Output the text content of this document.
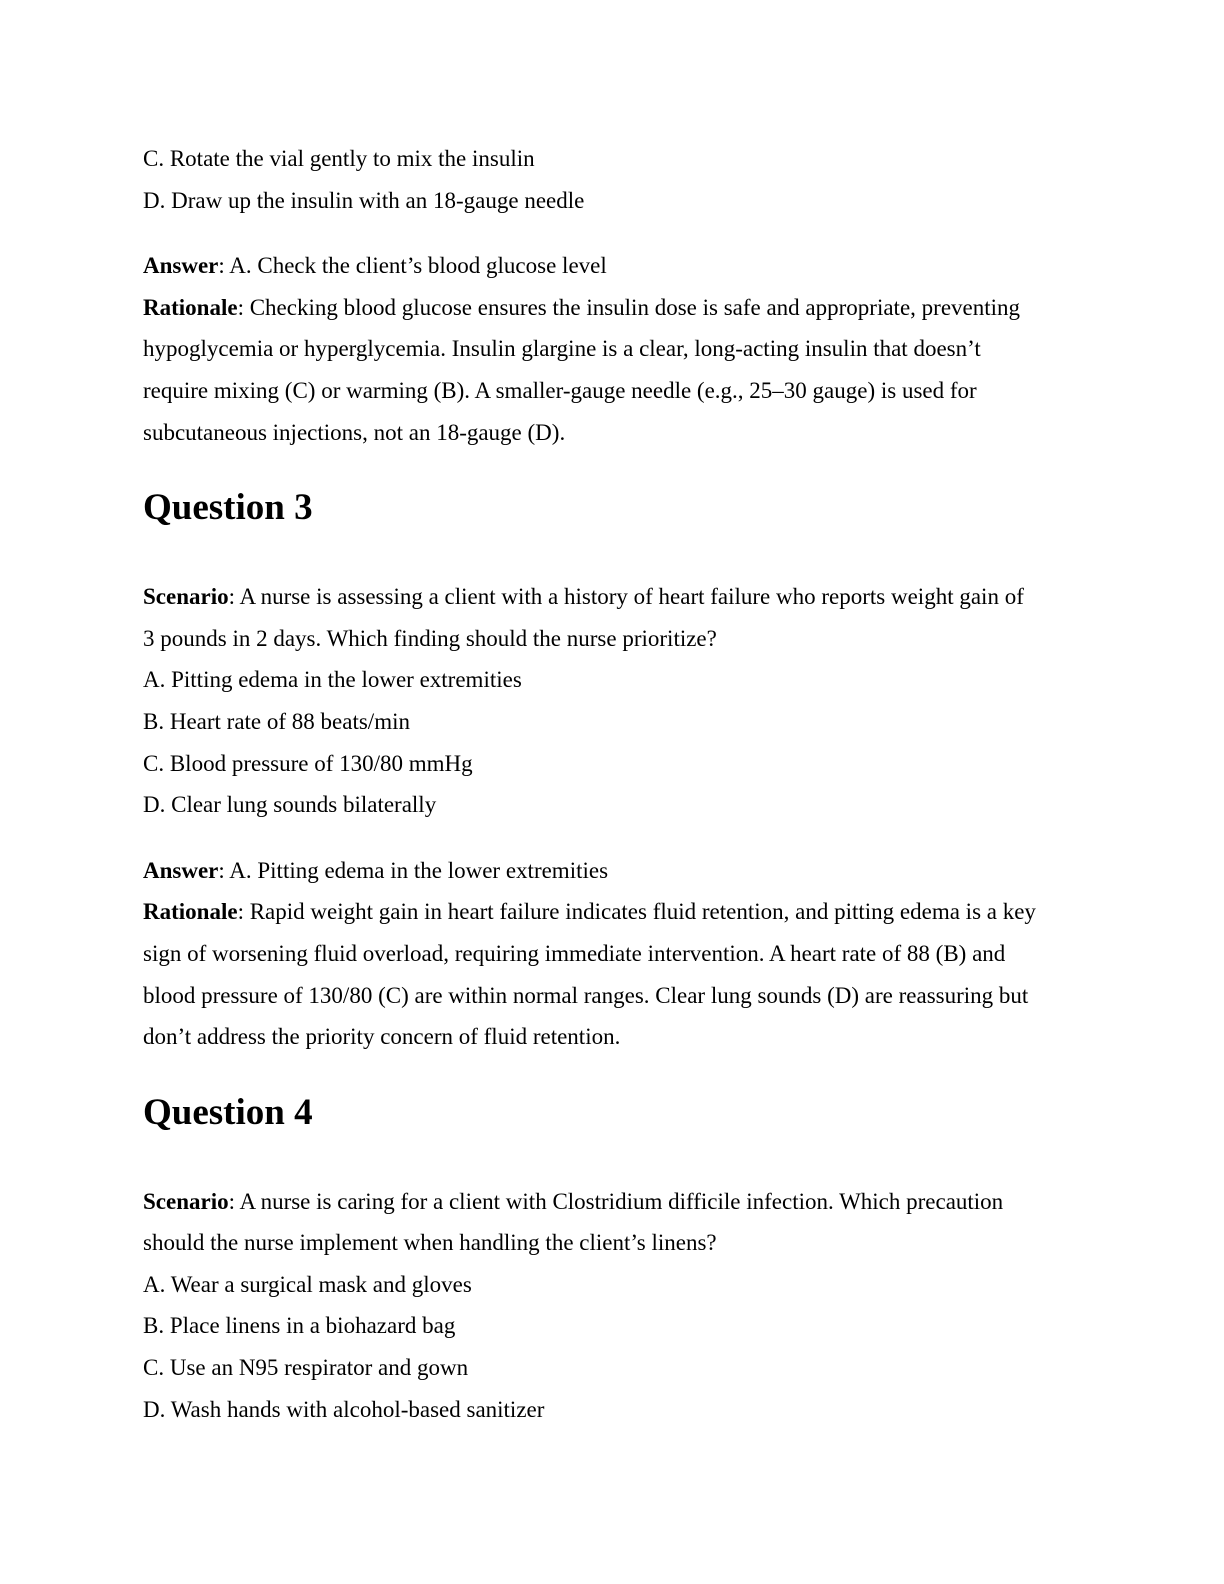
C. Rotate the vial gently to mix the insulin
D. Draw up the insulin with an 18-gauge needle
Answer: A. Check the client’s blood glucose level
Rationale: Checking blood glucose ensures the insulin dose is safe and appropriate, preventing
hypoglycemia or hyperglycemia. Insulin glargine is a clear, long-acting insulin that doesn’t
require mixing (C) or warming (B). A smaller-gauge needle (e.g., 25–30 gauge) is used for
subcutaneous injections, not an 18-gauge (D).
Question 3
Scenario: A nurse is assessing a client with a history of heart failure who reports weight gain of
3 pounds in 2 days. Which finding should the nurse prioritize?
A. Pitting edema in the lower extremities
B. Heart rate of 88 beats/min
C. Blood pressure of 130/80 mmHg
D. Clear lung sounds bilaterally
Answer: A. Pitting edema in the lower extremities
Rationale: Rapid weight gain in heart failure indicates fluid retention, and pitting edema is a key
sign of worsening fluid overload, requiring immediate intervention. A heart rate of 88 (B) and
blood pressure of 130/80 (C) are within normal ranges. Clear lung sounds (D) are reassuring but
don’t address the priority concern of fluid retention.
Question 4
Scenario: A nurse is caring for a client with Clostridium difficile infection. Which precaution
should the nurse implement when handling the client’s linens?
A. Wear a surgical mask and gloves
B. Place linens in a biohazard bag
C. Use an N95 respirator and gown
D. Wash hands with alcohol-based sanitizer
